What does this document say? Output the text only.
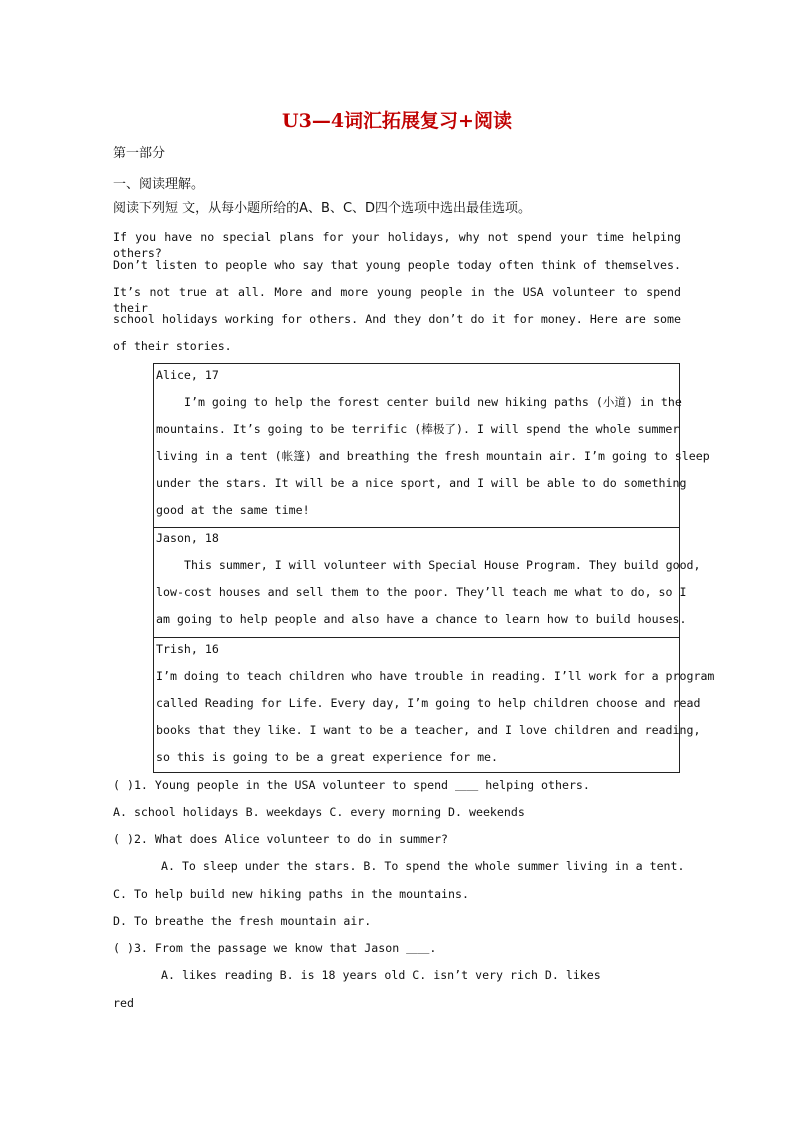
U3—4词汇拓展复习+阅读
第一部分
一、阅读理解。
阅读下列短 文，从每小题所给的A、B、C、D四个选项中选出最佳选项。
If you have no special plans for your holidays, why not spend your time helping others?
Don’t listen to people who say that young people today often think of themselves.
It’s not true at all. More and more young people in the USA volunteer to spend their
school holidays working for others. And they don’t do it for money. Here are some
of their stories.
Alice, 17
I’m going to help the forest center build new hiking paths (小道) in the
mountains. It’s going to be terrific (棒极了). I will spend the whole summer
living in a tent (帐篷) and breathing the fresh mountain air. I’m going to sleep
under the stars. It will be a nice sport, and I will be able to do something
good at the same time!
Jason, 18
This summer, I will volunteer with Special House Program. They build good,
low-cost houses and sell them to the poor. They’ll teach me what to do, so I
am going to help people and also have a chance to learn how to build houses.
Trish, 16
I’m doing to teach children who have trouble in reading. I’ll work for a program
called Reading for Life. Every day, I’m going to help children choose and read
books that they like. I want to be a teacher, and I love children and reading,
so this is going to be a great experience for me.
( )1. Young people in the USA volunteer to spend ＿＿ helping others.
A. school holidays B. weekdays C. every morning D. weekends
( )2. What does Alice volunteer to do in summer?
A. To sleep under the stars. B. To spend the whole summer living in a tent.
C. To help build new hiking paths in the mountains.
D. To breathe the fresh mountain air.
( )3. From the passage we know that Jason ＿＿.
A. likes reading B. is 18 years old C. isn’t very rich D. likes
red
